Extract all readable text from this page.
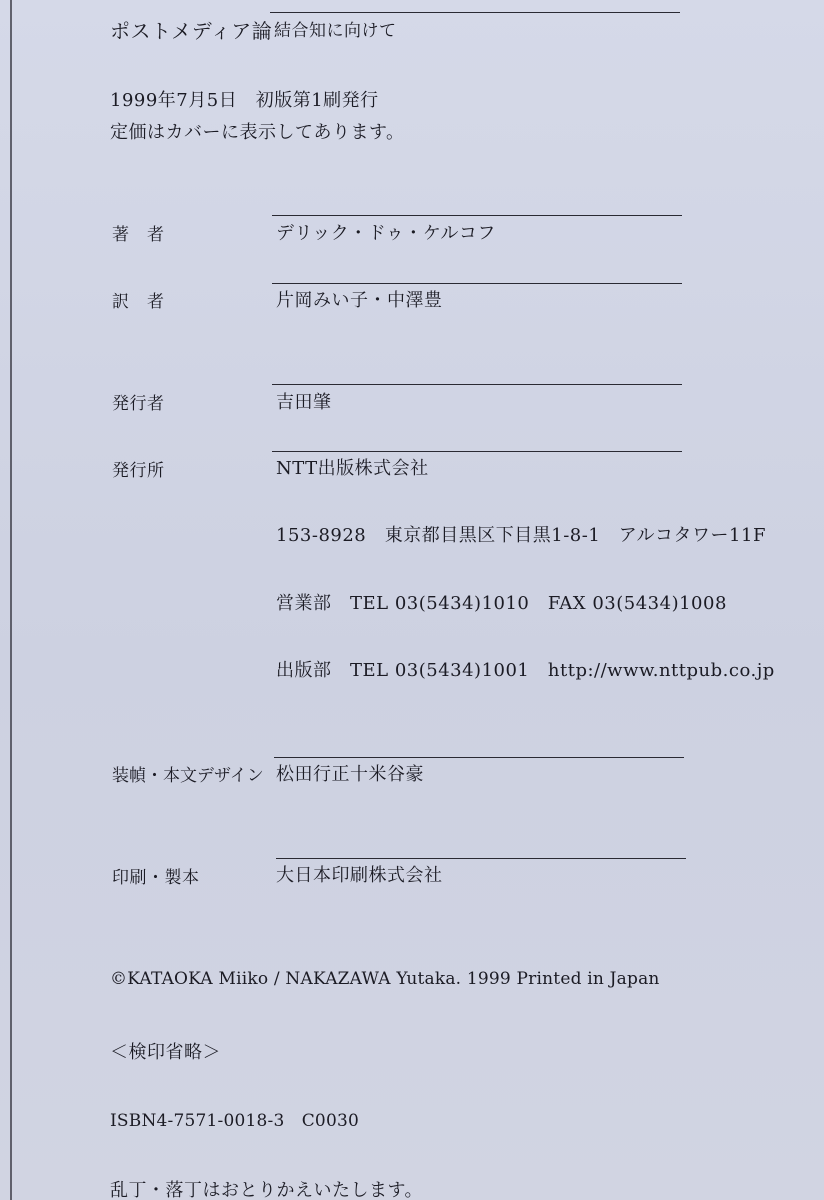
ポストメディア論 結合知に向けて
1999年7月5日　初版第1刷発行
定価はカバーに表示してあります。
著　者	デリック・ドゥ・ケルコフ
訳　者	片岡みい子・中澤豊
発行者	吉田肇
発行所	NTT出版株式会社
153-8928　東京都目黒区下目黒1-8-1　アルコタワー11F
営業部　TEL 03(5434)1010　FAX 03(5434)1008
出版部　TEL 03(5434)1001　http://www.nttpub.co.jp
装幀・本文デザイン 松田行正十米谷豪
印刷・製本	大日本印刷株式会社
©KATAOKA Miiko / NAKAZAWA Yutaka. 1999 Printed in Japan
＜検印省略＞
ISBN4-7571-0018-3　C0030
乱丁・落丁はおとりかえいたします。
